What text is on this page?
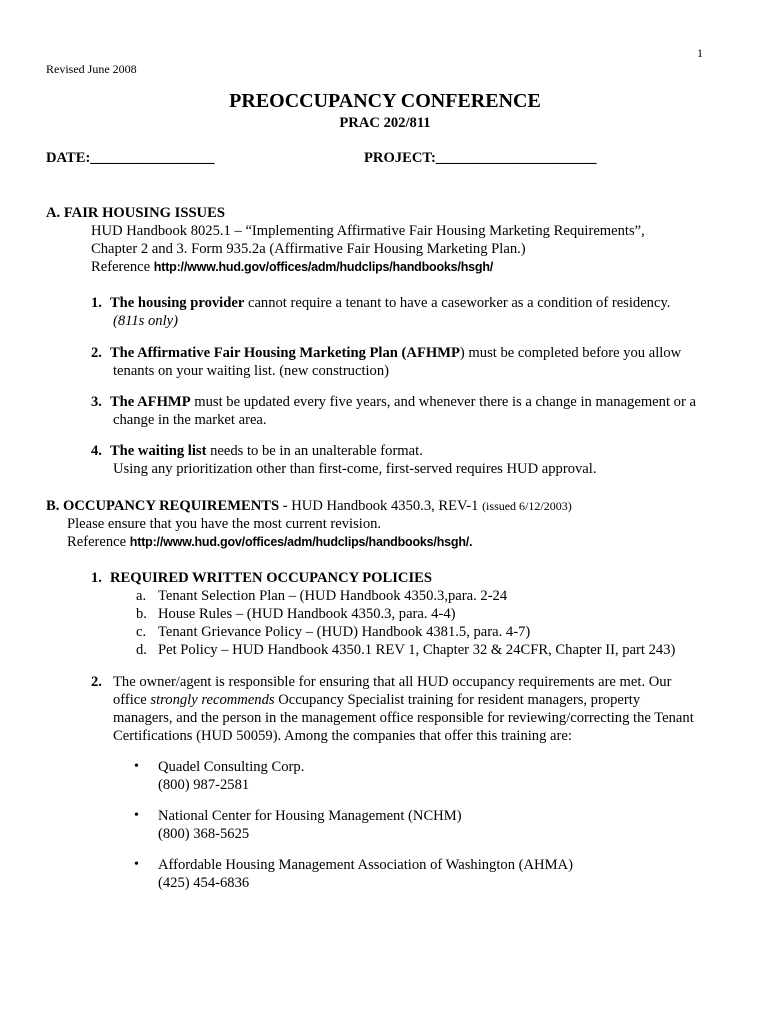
1
Revised June 2008
PREOCCUPANCY CONFERENCE
PRAC 202/811
DATE:_________________	PROJECT:______________________
A. FAIR HOUSING ISSUES
HUD Handbook 8025.1 – “Implementing Affirmative Fair Housing Marketing Requirements”,
Chapter 2 and 3. Form 935.2a (Affirmative Fair Housing Marketing Plan.)
Reference http://www.hud.gov/offices/adm/hudclips/handbooks/hsgh/
1. The housing provider cannot require a tenant to have a caseworker as a condition of residency.
(811s only)
2. The Affirmative Fair Housing Marketing Plan (AFHMP) must be completed before you allow
tenants on your waiting list. (new construction)
3. The AFHMP must be updated every five years, and whenever there is a change in management or a
change in the market area.
4. The waiting list needs to be in an unalterable format.
Using any prioritization other than first-come, first-served requires HUD approval.
B. OCCUPANCY REQUIREMENTS - HUD Handbook 4350.3, REV-1 (issued 6/12/2003)
Please ensure that you have the most current revision.
Reference http://www.hud.gov/offices/adm/hudclips/handbooks/hsgh/.
1. REQUIRED WRITTEN OCCUPANCY POLICIES
a. Tenant Selection Plan – (HUD Handbook 4350.3,para. 2-24
b. House Rules – (HUD Handbook 4350.3, para. 4-4)
c. Tenant Grievance Policy – (HUD) Handbook 4381.5, para. 4-7)
d. Pet Policy – HUD Handbook 4350.1 REV 1, Chapter 32 & 24CFR, Chapter II, part 243)
2. The owner/agent is responsible for ensuring that all HUD occupancy requirements are met. Our
office strongly recommends Occupancy Specialist training for resident managers, property
managers, and the person in the management office responsible for reviewing/correcting the Tenant
Certifications (HUD 50059). Among the companies that offer this training are:
• Quadel Consulting Corp.
(800) 987-2581
• National Center for Housing Management (NCHM)
(800) 368-5625
• Affordable Housing Management Association of Washington (AHMA)
(425) 454-6836
